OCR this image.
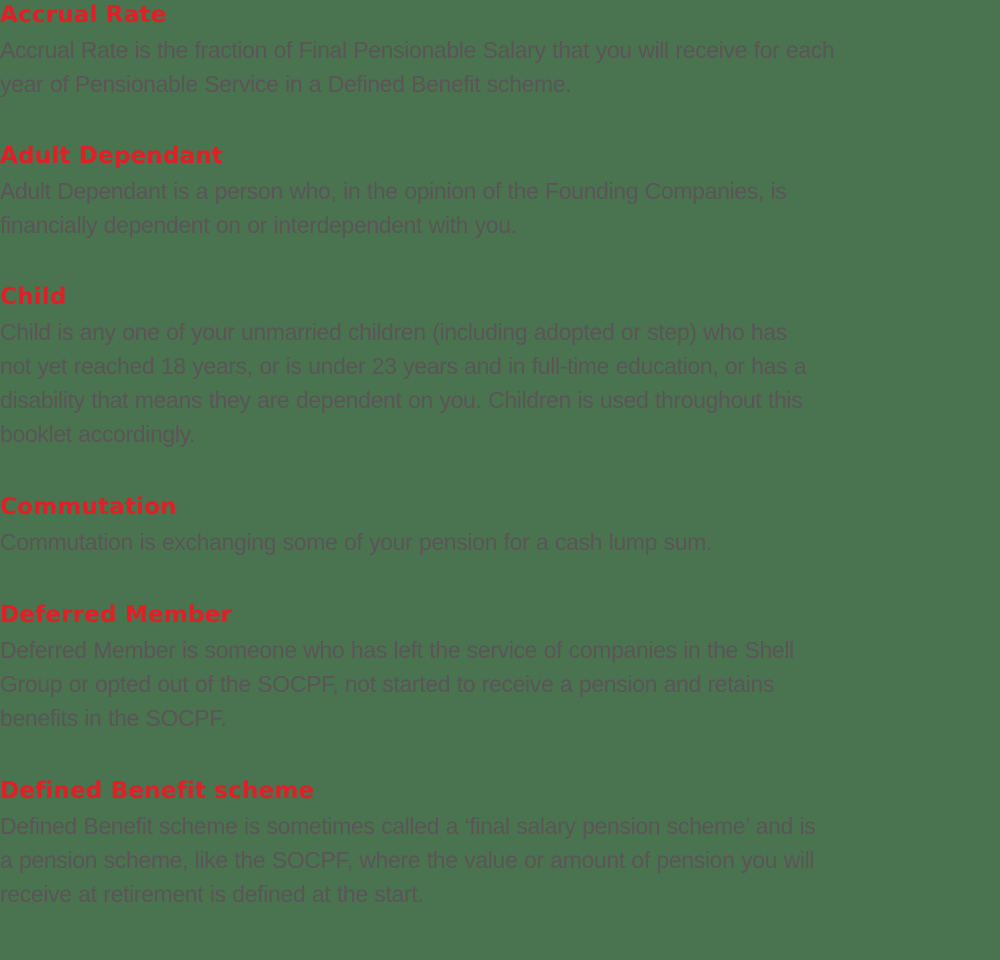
Accrual Rate

Accrual Rate is the fraction of Final Pensionable Salary that you will receive for each
year of Pensionable Service in a Defined Benefit scheme.

Adult Dependant

Adult Dependant is a person who, in the opinion of the Founding Companies, is
financially dependent on or interdependent with you.

Child

Child is any one of your unmarried children (including adopted or step) who has
not yet reached 18 years, or is under 23 years and in full-time education, or has a
disability that means they are dependent on you. Children is used throughout this
booklet accordingly.

Commutation

Commutation is exchanging some of your pension for a cash lump sum.

Deferred Member

Deferred Member is someone who has left the service of companies in the Shell
Group or opted out of the SOCPF, not started to receive a pension and retains
benefits in the SOCPF.

Defined Benefit scheme

Defined Benefit scheme is sometimes called a ‘final salary pension scheme’ and is
a pension scheme, like the SOCPF, where the value or amount of pension you will
receive at retirement is defined at the start.
